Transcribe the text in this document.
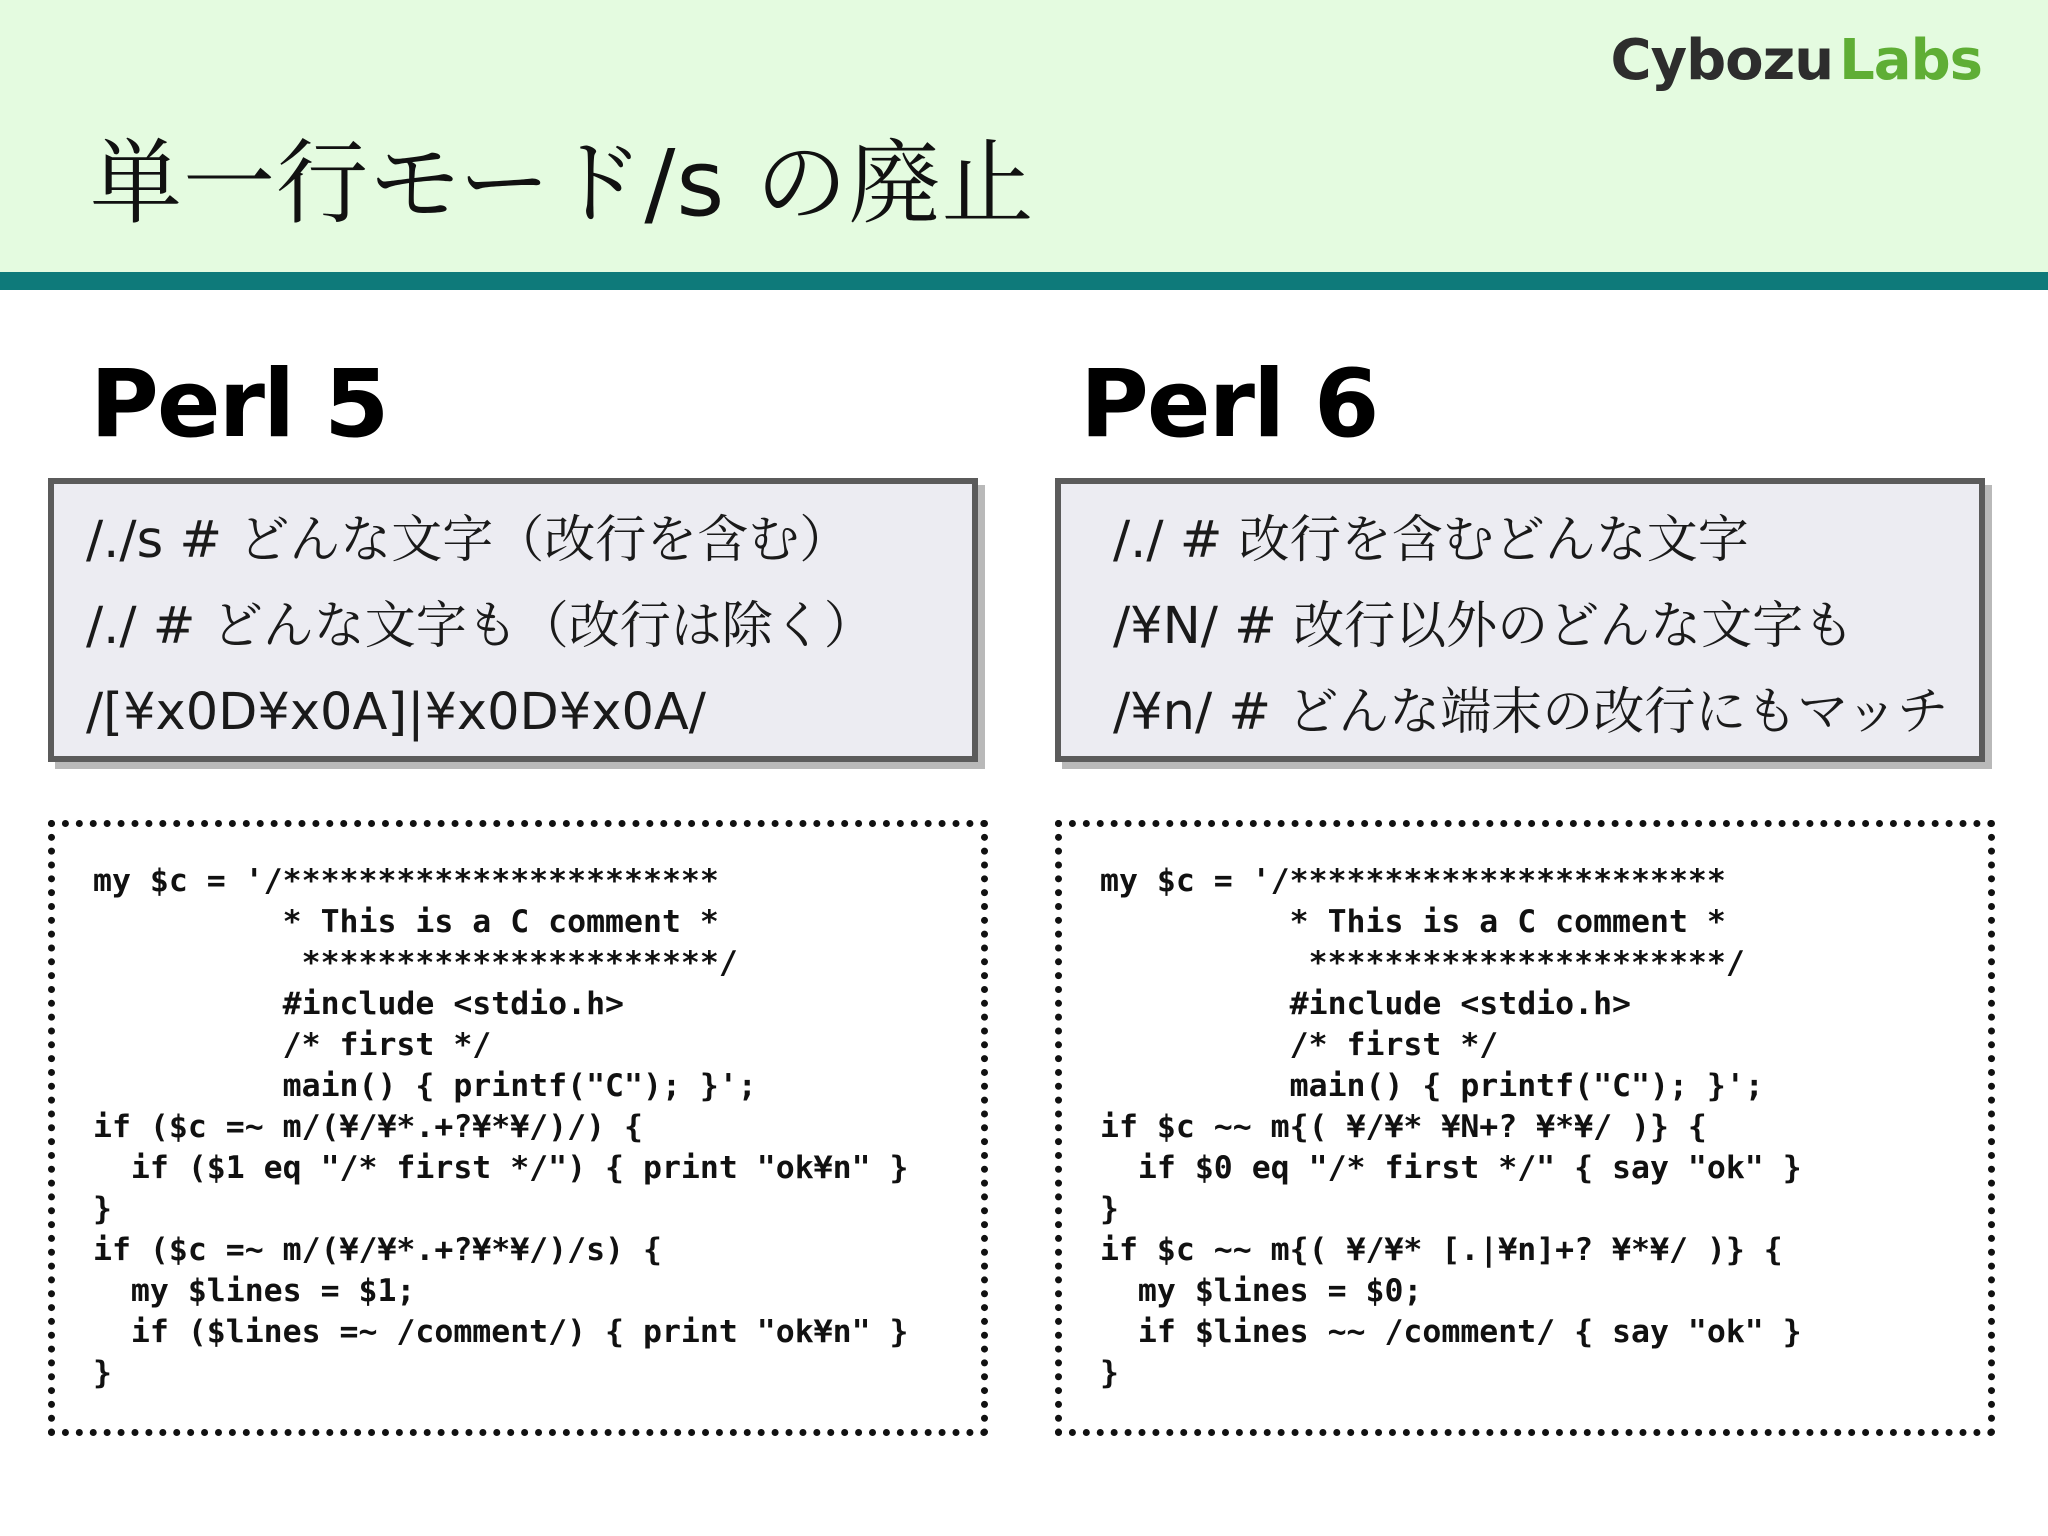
Cybozu Labs
単一行モード/s の廃止
Perl 5
/./s # どんな文字（改行を含む）
/./ # どんな文字も（改行は除く）
/[¥x0D¥x0A]|¥x0D¥x0A/
my $c = '/***********************
* This is a C comment *
**********************/
#include <stdio.h>
/* first */
main() { printf("C"); }';
if ($c =~ m/(¥/¥*.+?¥*¥/)/) {
if ($1 eq "/* first */") { print "ok¥n" }
}
if ($c =~ m/(¥/¥*.+?¥*¥/)/s) {
my $lines = $1;
if ($lines =~ /comment/) { print "ok¥n" }
}
Perl 6
/./ # 改行を含むどんな文字
/¥N/ # 改行以外のどんな文字も
/¥n/ # どんな端末の改行にもマッチ
my $c = '/***********************
* This is a C comment *
**********************/
#include <stdio.h>
/* first */
main() { printf("C"); }';
if $c ~~ m{( ¥/¥* ¥N+? ¥*¥/ )} {
if $0 eq "/* first */" { say "ok" }
}
if $c ~~ m{( ¥/¥* [.|¥n]+? ¥*¥/ )} {
my $lines = $0;
if $lines ~~ /comment/ { say "ok" }
}
